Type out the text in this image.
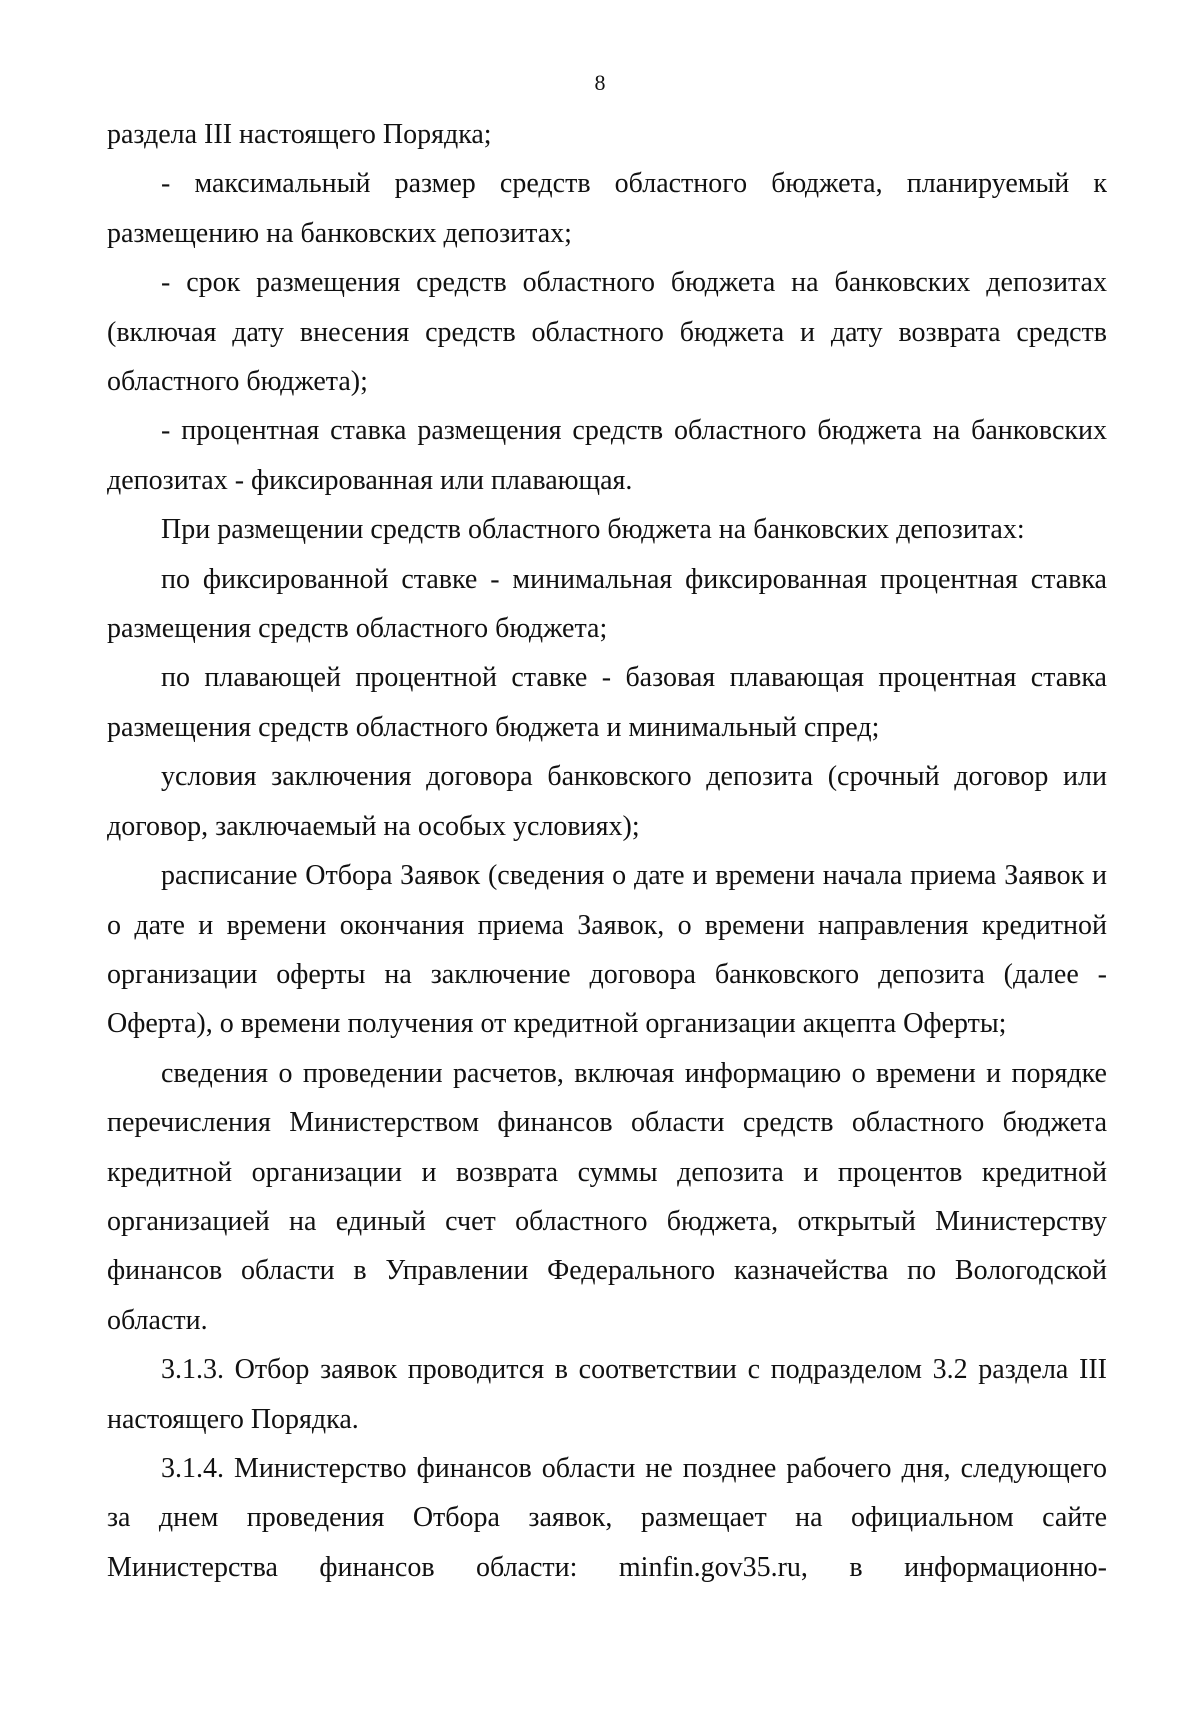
8

раздела III настоящего Порядка;

- максимальный размер средств областного бюджета, планируемый к размещению на банковских депозитах;

- срок размещения средств областного бюджета на банковских депозитах (включая дату внесения средств областного бюджета и дату возврата средств областного бюджета);

- процентная ставка размещения средств областного бюджета на банковских депозитах - фиксированная или плавающая.

При размещении средств областного бюджета на банковских депозитах:

по фиксированной ставке - минимальная фиксированная процентная ставка размещения средств областного бюджета;

по плавающей процентной ставке - базовая плавающая процентная ставка размещения средств областного бюджета и минимальный спред;

условия заключения договора банковского депозита (срочный договор или договор, заключаемый на особых условиях);

расписание Отбора Заявок (сведения о дате и времени начала приема Заявок и о дате и времени окончания приема Заявок, о времени направления кредитной организации оферты на заключение договора банковского депозита (далее - Оферта), о времени получения от кредитной организации акцепта Оферты;

сведения о проведении расчетов, включая информацию о времени и порядке перечисления Министерством финансов области средств областного бюджета кредитной организации и возврата суммы депозита и процентов кредитной организацией на единый счет областного бюджета, открытый Министерству финансов области в Управлении Федерального казначейства по Вологодской области.

3.1.3. Отбор заявок проводится в соответствии с подразделом 3.2 раздела III настоящего Порядка.

3.1.4. Министерство финансов области не позднее рабочего дня, следующего за днем проведения Отбора заявок, размещает на официальном сайте Министерства финансов области: minfin.gov35.ru, в информационно-
